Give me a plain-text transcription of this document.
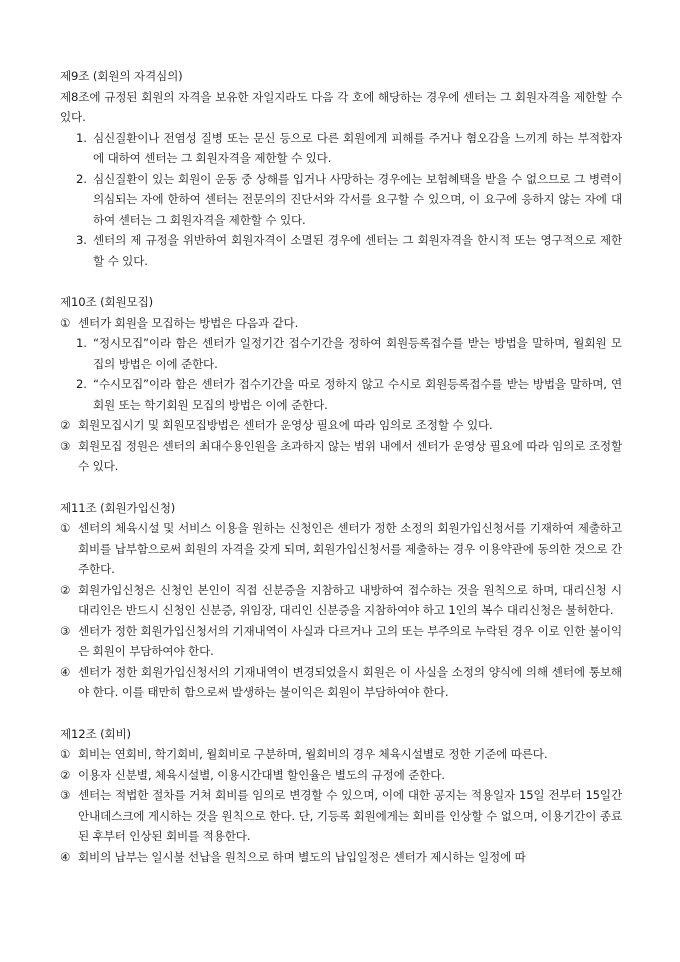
제9조 (회원의 자격심의)
제8조에 규정된 회원의 자격을 보유한 자일지라도 다음 각 호에 해당하는 경우에 센터는 그 회원자격을 제한할 수 있다.
1. 심신질환이나 전염성 질병 또는 문신 등으로 다른 회원에게 피해를 주거나 혐오감을 느끼게 하는 부적합자에 대하여 센터는 그 회원자격을 제한할 수 있다.
2. 심신질환이 있는 회원이 운동 중 상해를 입거나 사망하는 경우에는 보험혜택을 받을 수 없으므로 그 병력이 의심되는 자에 한하여 센터는 전문의의 진단서와 각서를 요구할 수 있으며, 이 요구에 응하지 않는 자에 대하여 센터는 그 회원자격을 제한할 수 있다.
3. 센터의 제 규정을 위반하여 회원자격이 소멸된 경우에 센터는 그 회원자격을 한시적 또는 영구적으로 제한할 수 있다.
제10조 (회원모집)
① 센터가 회원을 모집하는 방법은 다음과 같다.
1. “정시모집”이라 함은 센터가 일정기간 접수기간을 정하여 회원등록접수를 받는 방법을 말하며, 월회원 모집의 방법은 이에 준한다.
2. “수시모집”이라 함은 센터가 접수기간을 따로 정하지 않고 수시로 회원등록접수를 받는 방법을 말하며, 연회원 또는 학기회원 모집의 방법은 이에 준한다.
② 회원모집시기 및 회원모집방법은 센터가 운영상 필요에 따라 임의로 조정할 수 있다.
③ 회원모집 정원은 센터의 최대수용인원을 초과하지 않는 범위 내에서 센터가 운영상 필요에 따라 임의로 조정할 수 있다.
제11조 (회원가입신청)
① 센터의 체육시설 및 서비스 이용을 원하는 신청인은 센터가 정한 소정의 회원가입신청서를 기재하여 제출하고 회비를 납부함으로써 회원의 자격을 갖게 되며, 회원가입신청서를 제출하는 경우 이용약관에 동의한 것으로 간주한다.
② 회원가입신청은 신청인 본인이 직접 신분증을 지참하고 내방하여 접수하는 것을 원칙으로 하며, 대리신청 시 대리인은 반드시 신청인 신분증, 위임장, 대리인 신분증을 지참하여야 하고 1인의 복수 대리신청은 불허한다.
③ 센터가 정한 회원가입신청서의 기재내역이 사실과 다르거나 고의 또는 부주의로 누락된 경우 이로 인한 불이익은 회원이 부담하여야 한다.
④ 센터가 정한 회원가입신청서의 기재내역이 변경되었을시 회원은 이 사실을 소정의 양식에 의해 센터에 통보해야 한다. 이를 태만히 함으로써 발생하는 불이익은 회원이 부담하여야 한다.
제12조 (회비)
① 회비는 연회비, 학기회비, 월회비로 구분하며, 월회비의 경우 체육시설별로 정한 기준에 따른다.
② 이용자 신분별, 체육시설별, 이용시간대별 할인율은 별도의 규정에 준한다.
③ 센터는 적법한 절차를 거쳐 회비를 임의로 변경할 수 있으며, 이에 대한 공지는 적용일자 15일 전부터 15일간 안내데스크에 게시하는 것을 원칙으로 한다. 단, 기등록 회원에게는 회비를 인상할 수 없으며, 이용기간이 종료된 후부터 인상된 회비를 적용한다.
④ 회비의 납부는 일시불 선납을 원칙으로 하며 별도의 납입일정은 센터가 제시하는 일정에 따
